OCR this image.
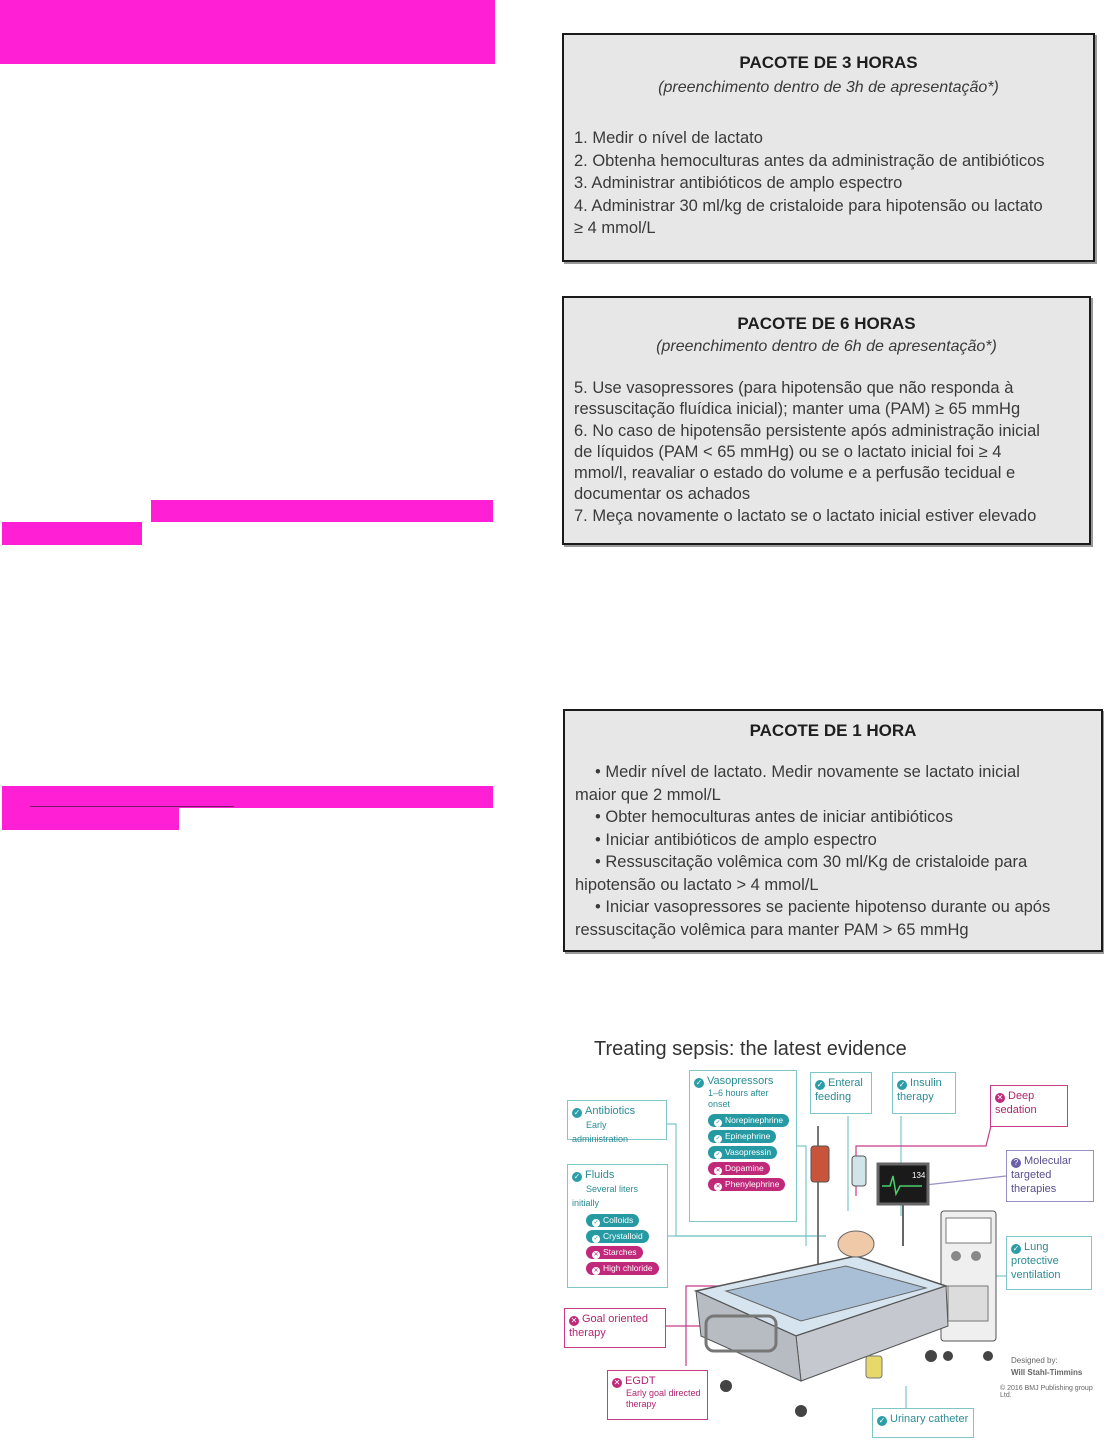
PACOTE DE 3 HORAS
(preenchimento dentro de 3h de apresentação*)
1. Medir o nível de lactato
2. Obtenha hemoculturas antes da administração de antibióticos
3. Administrar antibióticos de amplo espectro
4. Administrar 30 ml/kg de cristaloide para hipotensão ou lactato
≥ 4 mmol/L
PACOTE DE 6 HORAS
(preenchimento dentro de 6h de apresentação*)
5. Use vasopressores (para hipotensão que não responda à
ressuscitação fluídica inicial); manter uma (PAM) ≥ 65 mmHg
6. No caso de hipotensão persistente após administração inicial
de líquidos (PAM < 65 mmHg) ou se o lactato inicial foi ≥ 4
mmol/l, reavaliar o estado do volume e a perfusão tecidual e
documentar os achados
7. Meça novamente o lactato se o lactato inicial estiver elevado
PACOTE DE 1 HORA
• Medir nível de lactato. Medir novamente se lactato inicial
maior que 2 mmol/L
• Obter hemoculturas antes de iniciar antibióticos
• Iniciar antibióticos de amplo espectro
• Ressuscitação volêmica com 30 ml/Kg de cristaloide para
hipotensão ou lactato > 4 mmol/L
• Iniciar vasopressores se paciente hipotenso durante ou após
ressuscitação volêmica para manter PAM > 65 mmHg
Treating sepsis: the latest evidence
134
✓ Antibiotics
Early administration
✓ Fluids
Several liters initially
✓ Colloids
✓ Crystalloid
✕ Starches
✕ High chloride
✓ Vasopressors

1–6 hours after onset
✓ Norepinephrine
✓ Epinephrine
✓ Vasopressin
✕ Dopamine
✕ Phenylephrine
✓ Enteral feeding
✓ Insulin therapy	✕ Deep sedation
? Molecular targeted therapies
✓ Lung protective ventilation
✕ Goal oriented therapy
✕ EGDT

Early goal directed therapy
✓ Urinary catheter
Designed by:
Will Stahl-Timmins
© 2016 BMJ Publishing group Ltd.
